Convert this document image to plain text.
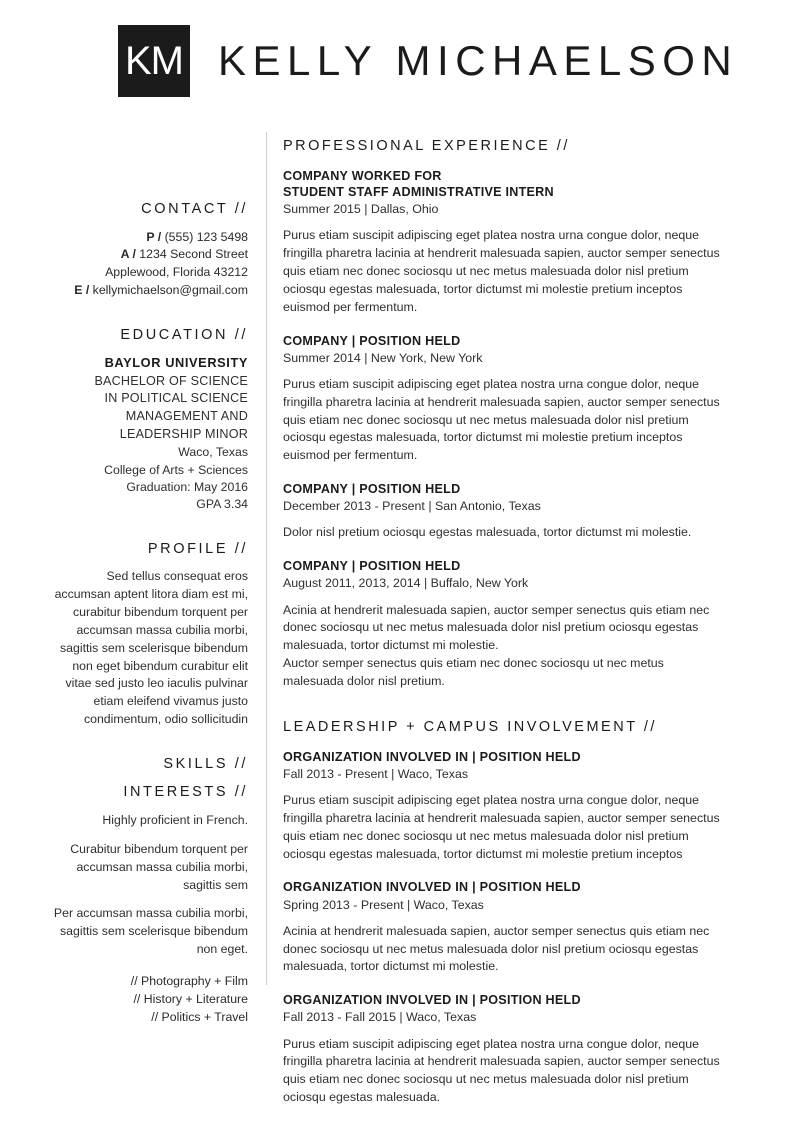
KM KELLY MICHAELSON
CONTACT //

P / (555) 123 5498

A / 1234 Second Street

Applewood, Florida 43212

E / kellymichaelson@gmail.com

EDUCATION //

BAYLOR UNIVERSITY

BACHELOR OF SCIENCE

IN POLITICAL SCIENCE

MANAGEMENT AND

LEADERSHIP MINOR

Waco, Texas

College of Arts + Sciences

Graduation: May 2016

GPA 3.34

PROFILE //

Sed tellus consequat eros accumsan aptent litora diam est mi, curabitur bibendum torquent per accumsan massa cubilia morbi, sagittis sem scelerisque bibendum non eget bibendum curabitur elit vitae sed justo leo iaculis pulvinar etiam eleifend vivamus justo condimentum, odio sollicitudin

SKILLS //
INTERESTS //

Highly proficient in French.

Curabitur bibendum torquent per accumsan massa cubilia morbi, sagittis sem

Per accumsan massa cubilia morbi, sagittis sem scelerisque bibendum non eget.

// Photography + Film

// History + Literature

// Politics + Travel

PROFESSIONAL EXPERIENCE //

COMPANY WORKED FOR

STUDENT STAFF ADMINISTRATIVE INTERN

Summer 2015 | Dallas, Ohio

Purus etiam suscipit adipiscing eget platea nostra urna congue dolor, neque fringilla pharetra lacinia at hendrerit malesuada sapien, auctor semper senectus quis etiam nec donec sociosqu ut nec metus malesuada dolor nisl pretium ociosqu egestas malesuada, tortor dictumst mi molestie pretium inceptos euismod per fermentum.

COMPANY | POSITION HELD

Summer 2014 | New York, New York

Purus etiam suscipit adipiscing eget platea nostra urna congue dolor, neque fringilla pharetra lacinia at hendrerit malesuada sapien, auctor semper senectus quis etiam nec donec sociosqu ut nec metus malesuada dolor nisl pretium ociosqu egestas malesuada, tortor dictumst mi molestie pretium inceptos euismod per fermentum.

COMPANY | POSITION HELD

December 2013 - Present | San Antonio, Texas

Dolor nisl pretium ociosqu egestas malesuada, tortor dictumst mi molestie.

COMPANY | POSITION HELD

August 2011, 2013, 2014 | Buffalo, New York

Acinia at hendrerit malesuada sapien, auctor semper senectus quis etiam nec donec sociosqu ut nec metus malesuada dolor nisl pretium ociosqu egestas malesuada, tortor dictumst mi molestie.

Auctor semper senectus quis etiam nec donec sociosqu ut nec metus malesuada dolor nisl pretium.

LEADERSHIP + CAMPUS INVOLVEMENT //

ORGANIZATION INVOLVED IN | POSITION HELD

Fall 2013 - Present | Waco, Texas

Purus etiam suscipit adipiscing eget platea nostra urna congue dolor, neque fringilla pharetra lacinia at hendrerit malesuada sapien, auctor semper senectus quis etiam nec donec sociosqu ut nec metus malesuada dolor nisl pretium ociosqu egestas malesuada, tortor dictumst mi molestie pretium inceptos

ORGANIZATION INVOLVED IN | POSITION HELD

Spring 2013 - Present | Waco, Texas

Acinia at hendrerit malesuada sapien, auctor semper senectus quis etiam nec donec sociosqu ut nec metus malesuada dolor nisl pretium ociosqu egestas malesuada, tortor dictumst mi molestie.

ORGANIZATION INVOLVED IN | POSITION HELD

Fall 2013 - Fall 2015 | Waco, Texas

Purus etiam suscipit adipiscing eget platea nostra urna congue dolor, neque fringilla pharetra lacinia at hendrerit malesuada sapien, auctor semper senectus quis etiam nec donec sociosqu ut nec metus malesuada dolor nisl pretium ociosqu egestas malesuada.
